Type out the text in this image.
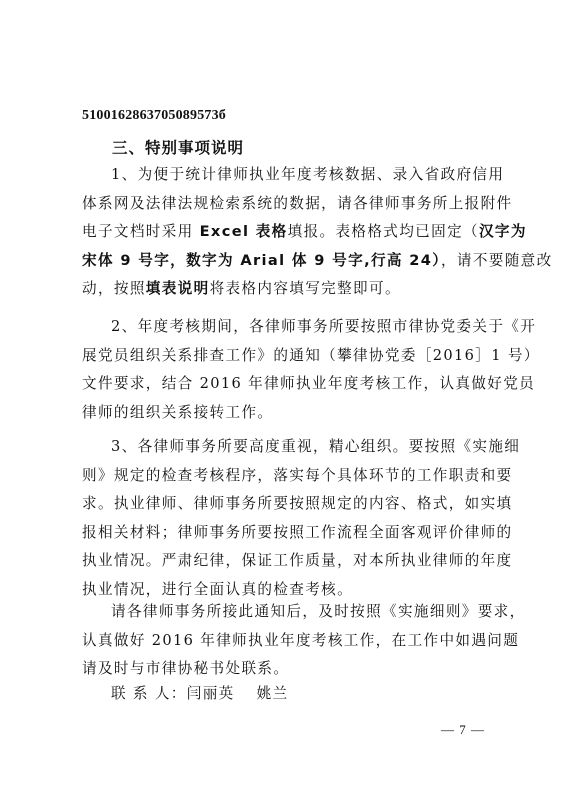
5100162863705089573б
三、特别事项说明
1、为便于统计律师执业年度考核数据、录入省政府信用
体系网及法律法规检索系统的数据，请各律师事务所上报附件
电子文档时采用 Excel 表格填报。表格格式均已固定（汉字为
宋体 9 号字，数字为 Arial 体 9 号字,行高 24），请不要随意改
动，按照填表说明将表格内容填写完整即可。
2、年度考核期间，各律师事务所要按照市律协党委关于《开
展党员组织关系排查工作》的通知（攀律协党委［2016］1 号）
文件要求，结合 2016 年律师执业年度考核工作，认真做好党员
律师的组织关系接转工作。
3、各律师事务所要高度重视，精心组织。要按照《实施细
则》规定的检查考核程序，落实每个具体环节的工作职责和要
求。执业律师、律师事务所要按照规定的内容、格式，如实填
报相关材料；律师事务所要按照工作流程全面客观评价律师的
执业情况。严肃纪律，保证工作质量，对本所执业律师的年度
执业情况，进行全面认真的检查考核。
请各律师事务所接此通知后，及时按照《实施细则》要求，
认真做好 2016 年律师执业年度考核工作，在工作中如遇问题
请及时与市律协秘书处联系。
联 系 人：闫丽英 姚兰
— 7 —
